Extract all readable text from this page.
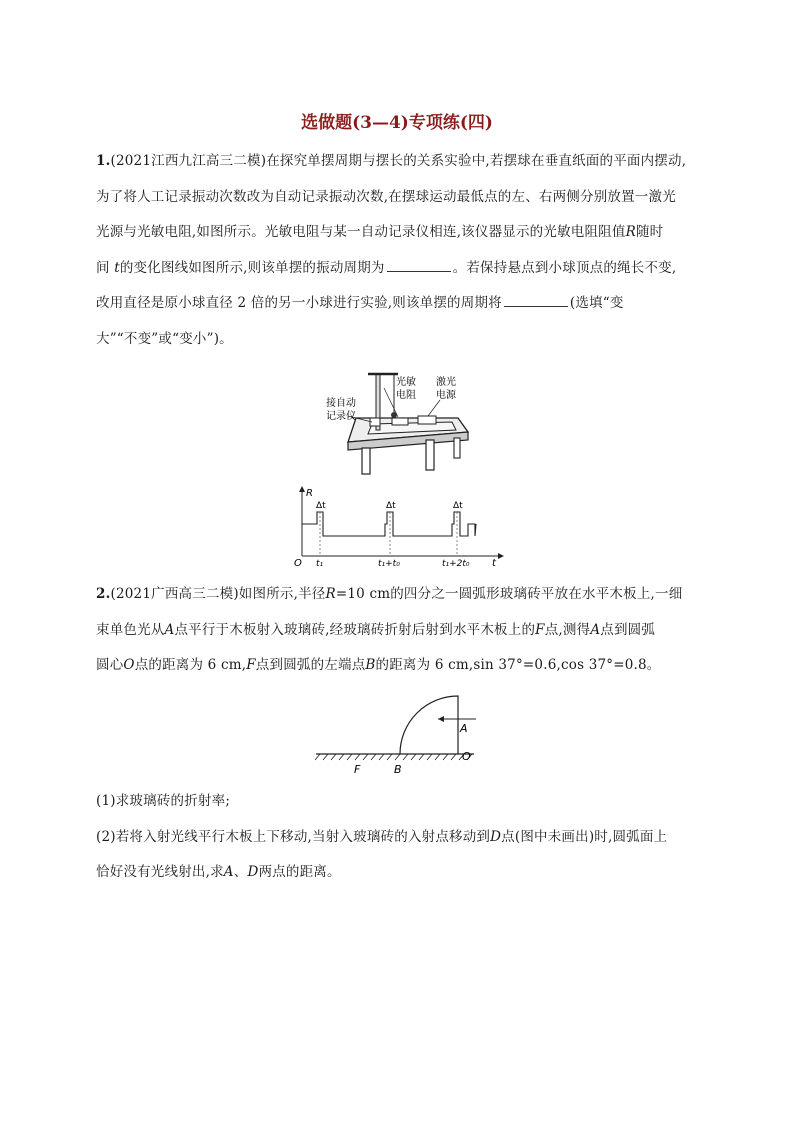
选做题(3—4)专项练(四)
1.(2021江西九江高三二模)在探究单摆周期与摆长的关系实验中,若摆球在垂直纸面的平面内摆动,
为了将人工记录振动次数改为自动记录振动次数,在摆球运动最低点的左、右两侧分别放置一激光
光源与光敏电阻,如图所示。光敏电阻与某一自动记录仪相连,该仪器显示的光敏电阻阻值R随时
间 t的变化图线如图所示,则该单摆的振动周期为	。若保持悬点到小球顶点的绳长不变,
改用直径是原小球直径 2 倍的另一小球进行实验,则该单摆的周期将	(选填“变
大”“不变”或“变小”)。
光敏
电阻
激光
电源
接自动
记录仪
R
t
O
Δt	Δt	Δt
t₁	t₁+t₀	t₁+2t₀
2.(2021广西高三二模)如图所示,半径R=10 cm的四分之一圆弧形玻璃砖平放在水平木板上,一细
束单色光从A点平行于木板射入玻璃砖,经玻璃砖折射后射到水平木板上的F点,测得A点到圆弧
圆心O点的距离为 6 cm,F点到圆弧的左端点B的距离为 6 cm,sin 37°=0.6,cos 37°=0.8。
A
O
F	B
(1)求玻璃砖的折射率;
(2)若将入射光线平行木板上下移动,当射入玻璃砖的入射点移动到D点(图中未画出)时,圆弧面上
恰好没有光线射出,求A、D两点的距离。
